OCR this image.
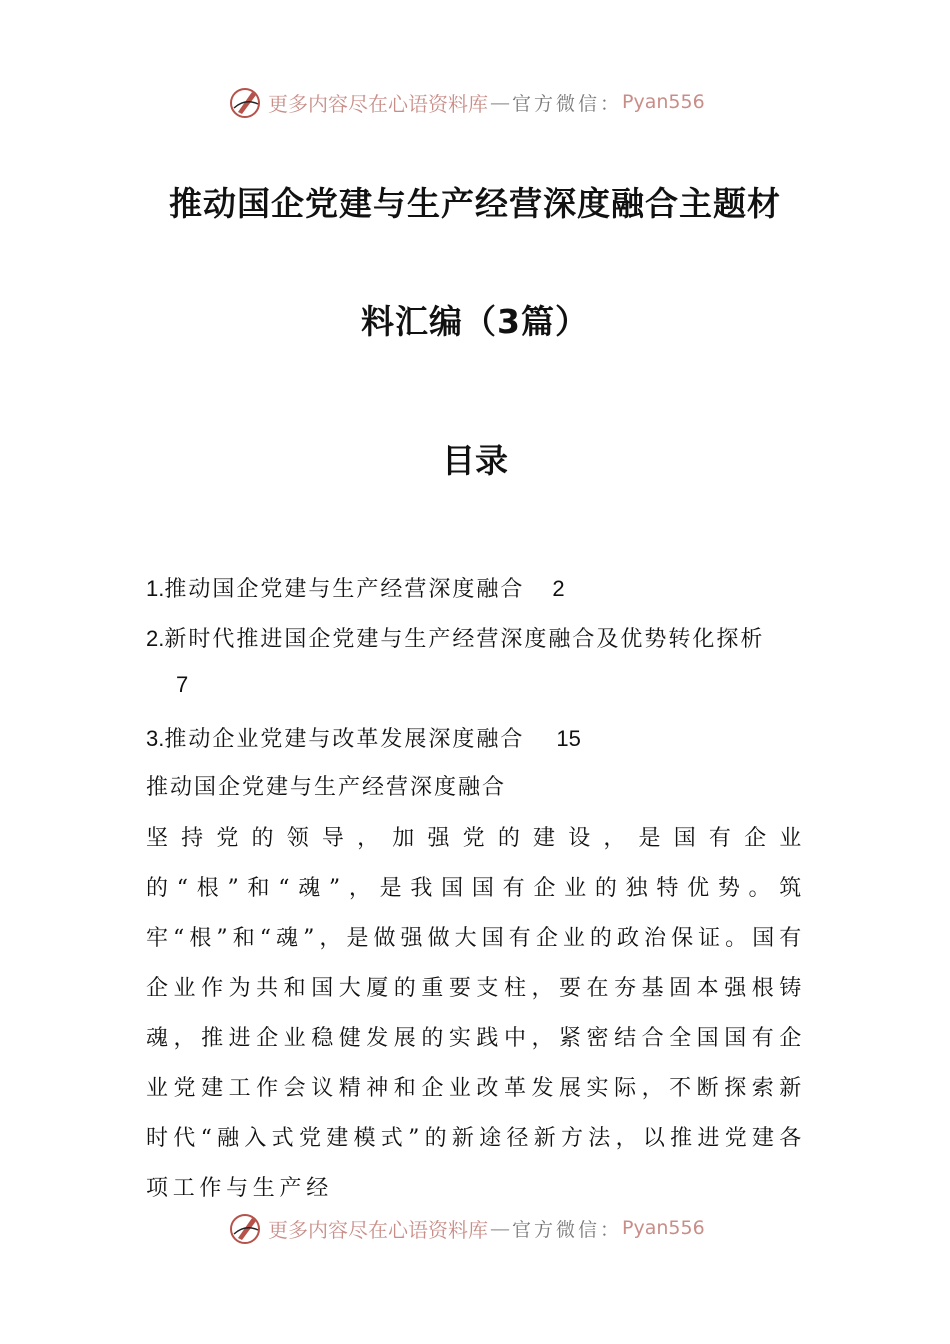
更多内容尽在心语资料库 — 官方微信： Pyan556
推动国企党建与生产经营深度融合主题材
料汇编（3篇）
目录
1.推动国企党建与生产经营深度融合 2
2.新时代推进国企党建与生产经营深度融合及优势转化探析
7
3.推动企业党建与改革发展深度融合 15
推动国企党建与生产经营深度融合
坚持党的领导，加强党的建设，是国有企业的“根”和“魂”，是我国国有企业的独特优势。筑牢“根”和“魂”，是做强做大国有企业的政治保证。国有企业作为共和国大厦的重要支柱，要在夯基固本强根铸魂，推进企业稳健发展的实践中，紧密结合全国国有企业党建工作会议精神和企业改革发展实际，不断探索新时代“融入式党建模式”的新途径新方法，以推进党建各项工作与生产经
更多内容尽在心语资料库 — 官方微信： Pyan556
